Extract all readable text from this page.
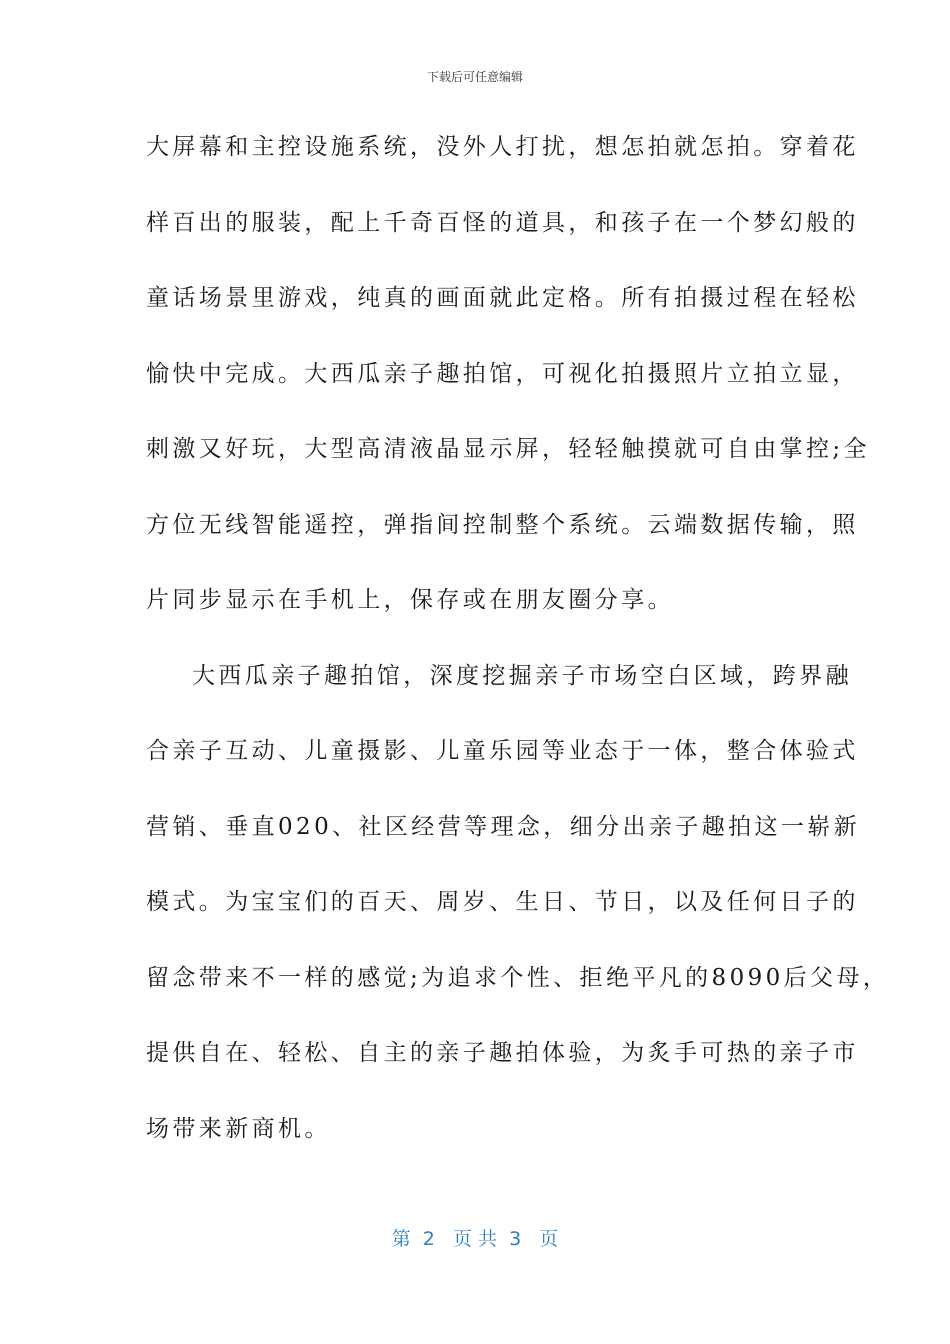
下载后可任意编辑
大屏幕和主控设施系统，没外人打扰，想怎拍就怎拍。穿着花
样百出的服装，配上千奇百怪的道具，和孩子在一个梦幻般的
童话场景里游戏，纯真的画面就此定格。所有拍摄过程在轻松
愉快中完成。大西瓜亲子趣拍馆，可视化拍摄照片立拍立显，
刺激又好玩，大型高清液晶显示屏，轻轻触摸就可自由掌控;全
方位无线智能遥控，弹指间控制整个系统。云端数据传输，照
片同步显示在手机上，保存或在朋友圈分享。
大西瓜亲子趣拍馆，深度挖掘亲子市场空白区域，跨界融
合亲子互动、儿童摄影、儿童乐园等业态于一体，整合体验式
营销、垂直020、社区经营等理念，细分出亲子趣拍这一崭新
模式。为宝宝们的百天、周岁、生日、节日，以及任何日子的
留念带来不一样的感觉;为追求个性、拒绝平凡的8090后父母，
提供自在、轻松、自主的亲子趣拍体验，为炙手可热的亲子市
场带来新商机。
第  2   页 共  3   页
